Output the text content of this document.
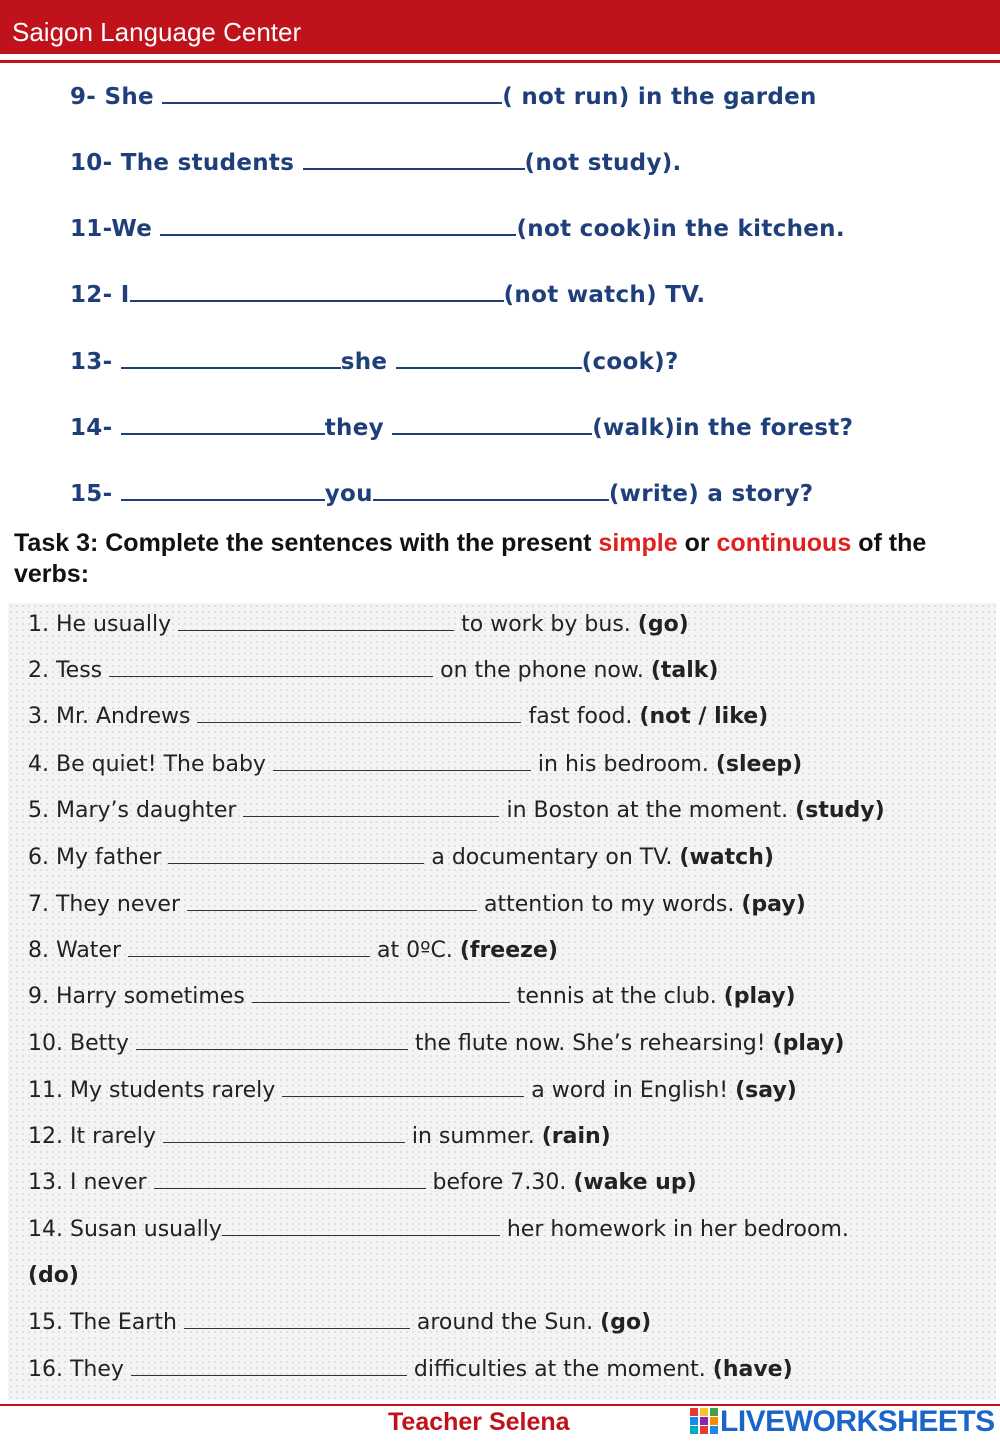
Saigon Language Center
9- She	( not run) in the garden
10- The students	(not study).
11-We	(not cook)in the kitchen.
12- I	(not watch) TV.
13-	she	(cook)?
14-	they	(walk)in the forest?
15-	you	(write) a story?
Task 3: Complete the sentences with the present simple or continuous of the verbs:
1. He usually	to work by bus. (go)
2. Tess	on the phone now. (talk)
3. Mr. Andrews	fast food. (not / like)
4. Be quiet! The baby	in his bedroom. (sleep)
5. Mary’s daughter	in Boston at the moment. (study)
6. My father	a documentary on TV. (watch)
7. They never	attention to my words. (pay)
8. Water	at 0ºC. (freeze)
9. Harry sometimes	tennis at the club. (play)
10. Betty	the flute now. She’s rehearsing! (play)
11. My students rarely	a word in English! (say)
12. It rarely	in summer. (rain)
13. I never	before 7.30. (wake up)
14. Susan usually	her homework in her bedroom.
(do)
15. The Earth	around the Sun. (go)
16. They	difficulties at the moment. (have)
Teacher Selena	LIVEWORKSHEETS
